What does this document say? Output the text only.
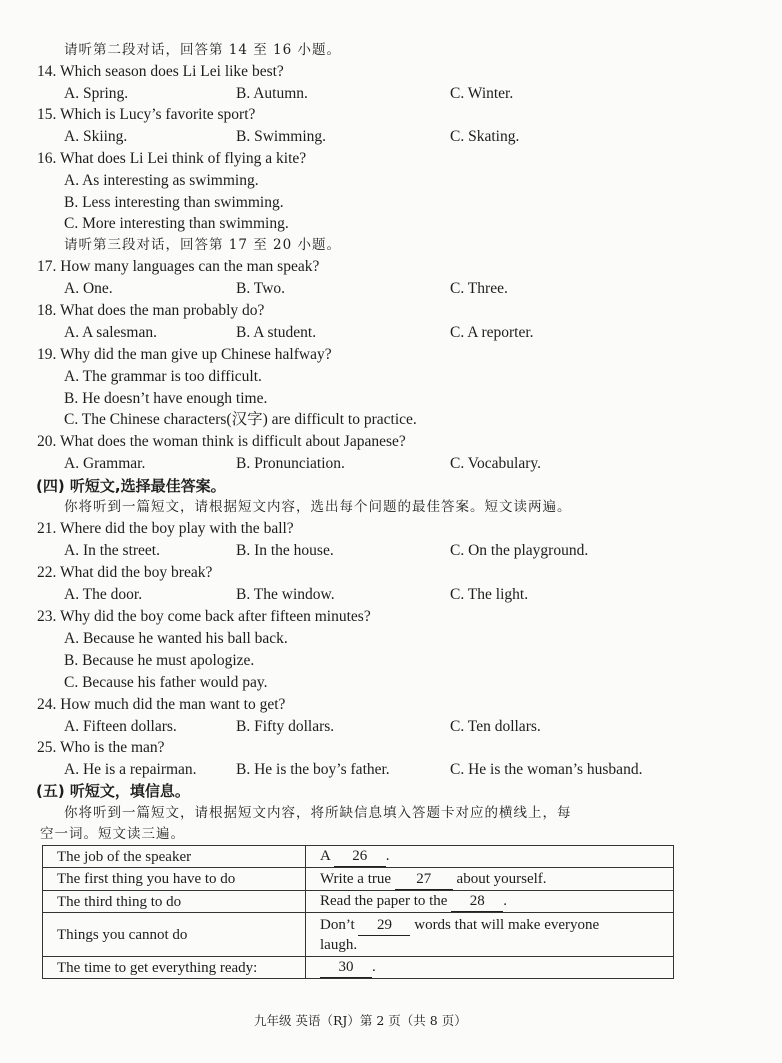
请听第二段对话，回答第 14 至 16 小题。
14. Which season does Li Lei like best?
A. Spring.	B. Autumn.	C. Winter.
15. Which is Lucy’s favorite sport?
A. Skiing.	B. Swimming.	C. Skating.
16. What does Li Lei think of flying a kite?
A. As interesting as swimming.
B. Less interesting than swimming.
C. More interesting than swimming.
请听第三段对话，回答第 17 至 20 小题。
17. How many languages can the man speak?
A. One.	B. Two.	C. Three.
18. What does the man probably do?
A. A salesman.	B. A student.	C. A reporter.
19. Why did the man give up Chinese halfway?
A. The grammar is too difficult.
B. He doesn’t have enough time.
C. The Chinese characters(汉字) are difficult to practice.
20. What does the woman think is difficult about Japanese?
A. Grammar.	B. Pronunciation.	C. Vocabulary.
(四) 听短文,选择最佳答案。
你将听到一篇短文，请根据短文内容，选出每个问题的最佳答案。短文读两遍。
21. Where did the boy play with the ball?
A. In the street.	B. In the house.	C. On the playground.
22. What did the boy break?
A. The door.	B. The window.	C. The light.
23. Why did the boy come back after fifteen minutes?
A. Because he wanted his ball back.
B. Because he must apologize.
C. Because his father would pay.
24. How much did the man want to get?
A. Fifteen dollars.	B. Fifty dollars.	C. Ten dollars.
25. Who is the man?
A. He is a repairman.	B. He is the boy’s father.	C. He is the woman’s husband.
(五) 听短文，填信息。
你将听到一篇短文，请根据短文内容，将所缺信息填入答题卡对应的横线上，每
空一词。短文读三遍。
The job of the speaker	A 26 .
The first thing you have to do	Write a true 27 about yourself.
The third thing to do	Read the paper to the 28 .
Things you cannot do	Don’t 29 words that will make everyone
laugh.
The time to get everything ready:	30 .
九年级 英语（RJ）第 2 页（共 8 页）
